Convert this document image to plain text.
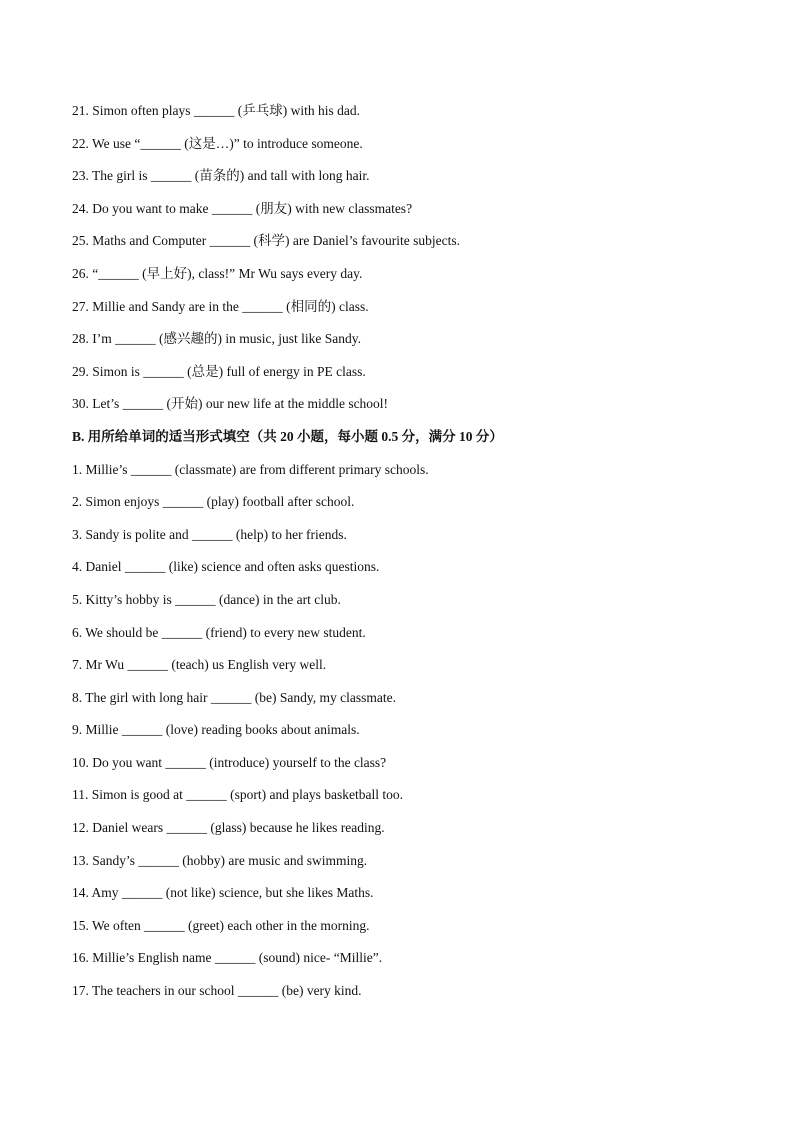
21. Simon often plays ______ (乒乓球) with his dad.
22. We use “______ (这是…)” to introduce someone.
23. The girl is ______ (苗条的) and tall with long hair.
24. Do you want to make ______ (朋友) with new classmates?
25. Maths and Computer ______ (科学) are Daniel’s favourite subjects.
26. “______ (早上好), class!” Mr Wu says every day.
27. Millie and Sandy are in the ______ (相同的) class.
28. I’m ______ (感兴趣的) in music, just like Sandy.
29. Simon is ______ (总是) full of energy in PE class.
30. Let’s ______ (开始) our new life at the middle school!
B. 用所给单词的适当形式填空（共 20 小题，每小题 0.5 分，满分 10 分）
1. Millie’s ______ (classmate) are from different primary schools.
2. Simon enjoys ______ (play) football after school.
3. Sandy is polite and ______ (help) to her friends.
4. Daniel ______ (like) science and often asks questions.
5. Kitty’s hobby is ______ (dance) in the art club.
6. We should be ______ (friend) to every new student.
7. Mr Wu ______ (teach) us English very well.
8. The girl with long hair ______ (be) Sandy, my classmate.
9. Millie ______ (love) reading books about animals.
10. Do you want ______ (introduce) yourself to the class?
11. Simon is good at ______ (sport) and plays basketball too.
12. Daniel wears ______ (glass) because he likes reading.
13. Sandy’s ______ (hobby) are music and swimming.
14. Amy ______ (not like) science, but she likes Maths.
15. We often ______ (greet) each other in the morning.
16. Millie’s English name ______ (sound) nice- “Millie”.
17. The teachers in our school ______ (be) very kind.
